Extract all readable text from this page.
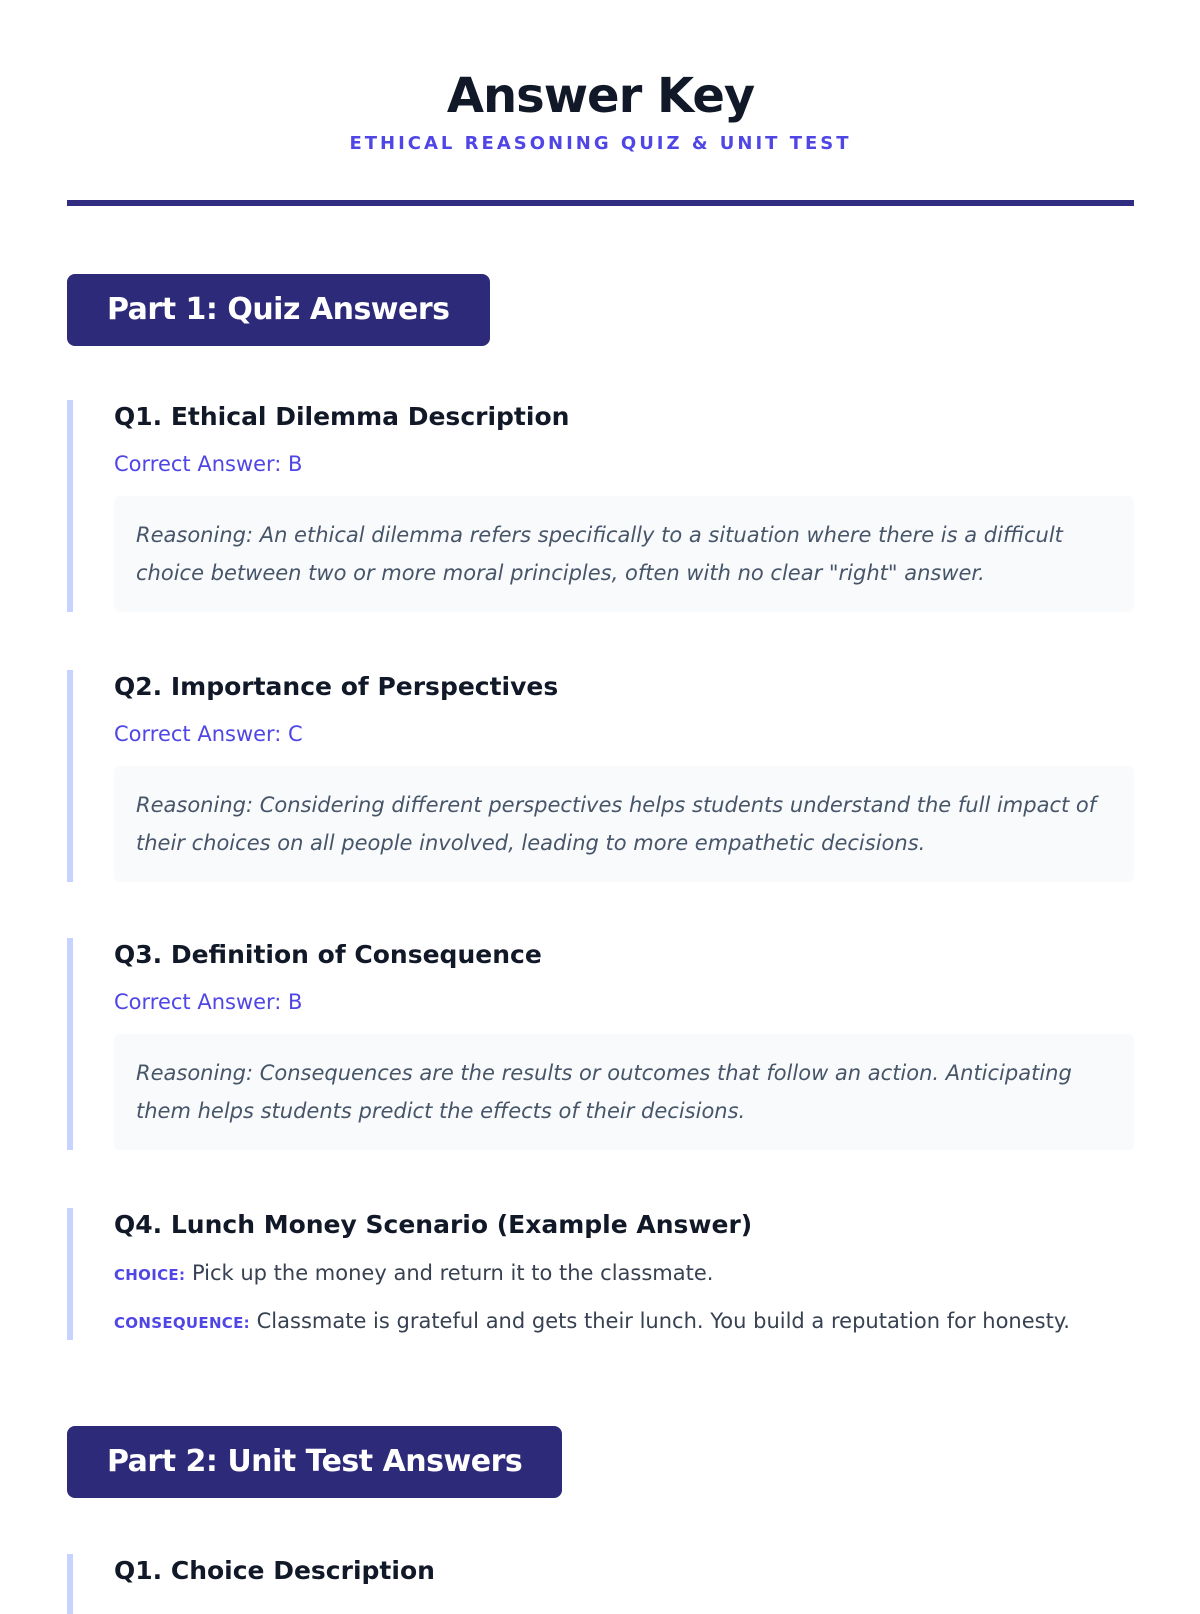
Answer Key
ETHICAL REASONING QUIZ & UNIT TEST
Part 1: Quiz Answers
Q1. Ethical Dilemma Description
Correct Answer: B
Reasoning: An ethical dilemma refers specifically to a situation where there is a difficult choice between two or more moral principles, often with no clear "right" answer.
Q2. Importance of Perspectives
Correct Answer: C
Reasoning: Considering different perspectives helps students understand the full impact of their choices on all people involved, leading to more empathetic decisions.
Q3. Definition of Consequence
Correct Answer: B
Reasoning: Consequences are the results or outcomes that follow an action. Anticipating them helps students predict the effects of their decisions.
Q4. Lunch Money Scenario (Example Answer)
CHOICE: Pick up the money and return it to the classmate.
CONSEQUENCE: Classmate is grateful and gets their lunch. You build a reputation for honesty.
Part 2: Unit Test Answers
Q1. Choice Description
